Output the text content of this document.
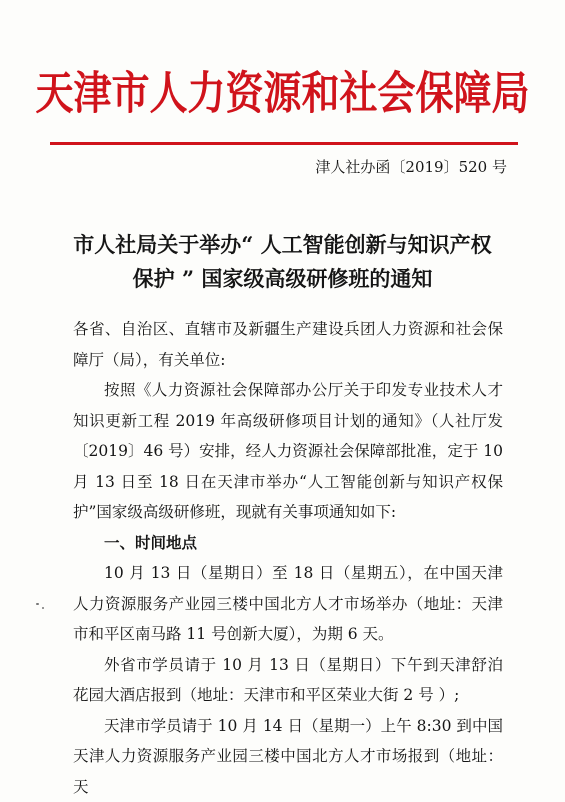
天津市人力资源和社会保障局
津人社办函〔2019〕520 号
市人社局关于举办“ 人工智能创新与知识产权
保护 ” 国家级高级研修班的通知

各省、自治区、直辖市及新疆生产建设兵团人力资源和社会保障厅（局），有关单位:

按照《人力资源社会保障部办公厅关于印发专业技术人才知识更新工程 2019 年高级研修项目计划的通知》（人社厅发〔2019〕46 号）安排，经人力资源社会保障部批准，定于 10 月 13 日至 18 日在天津市举办“人工智能创新与知识产权保护”国家级高级研修班，现就有关事项通知如下:

一、时间地点

10 月 13 日（星期日）至 18 日（星期五），在中国天津人力资源服务产业园三楼中国北方人才市场举办（地址：天津市和平区南马路 11 号创新大厦），为期 6 天。

外省市学员请于 10 月 13 日（星期日）下午到天津舒泊花园大酒店报到（地址：天津市和平区荣业大街 2 号 ）;

天津市学员请于 10 月 14 日（星期一）上午 8:30 到中国天津人力资源服务产业园三楼中国北方人才市场报到（地址：天
